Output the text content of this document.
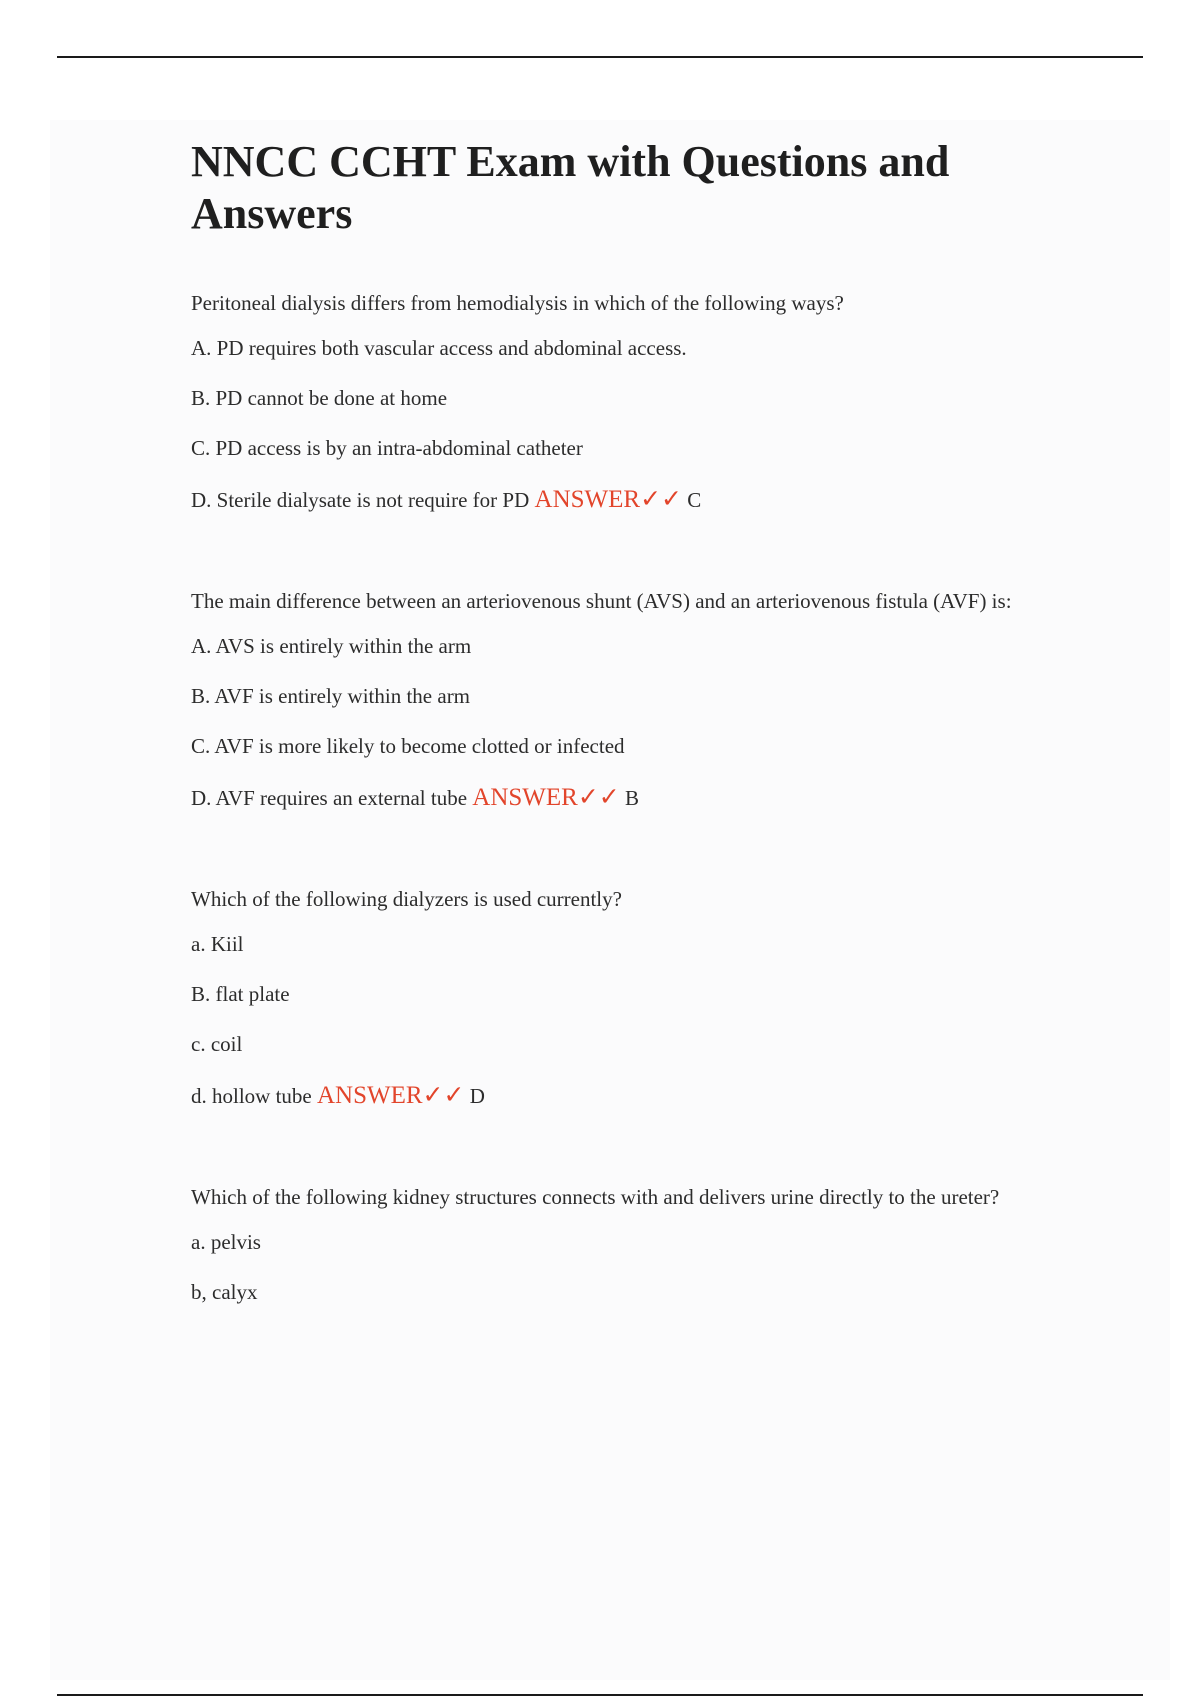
NNCC CCHT Exam with Questions and Answers

Peritoneal dialysis differs from hemodialysis in which of the following ways?

A. PD requires both vascular access and abdominal access.

B. PD cannot be done at home

C. PD access is by an intra-abdominal catheter

D. Sterile dialysate is not require for PD ANSWER✓✓ C

The main difference between an arteriovenous shunt (AVS) and an arteriovenous fistula (AVF) is:

A. AVS is entirely within the arm

B. AVF is entirely within the arm

C. AVF is more likely to become clotted or infected

D. AVF requires an external tube ANSWER✓✓ B

Which of the following dialyzers is used currently?

a. Kiil

B. flat plate

c. coil

d. hollow tube ANSWER✓✓ D

Which of the following kidney structures connects with and delivers urine directly to the ureter?

a. pelvis

b, calyx
